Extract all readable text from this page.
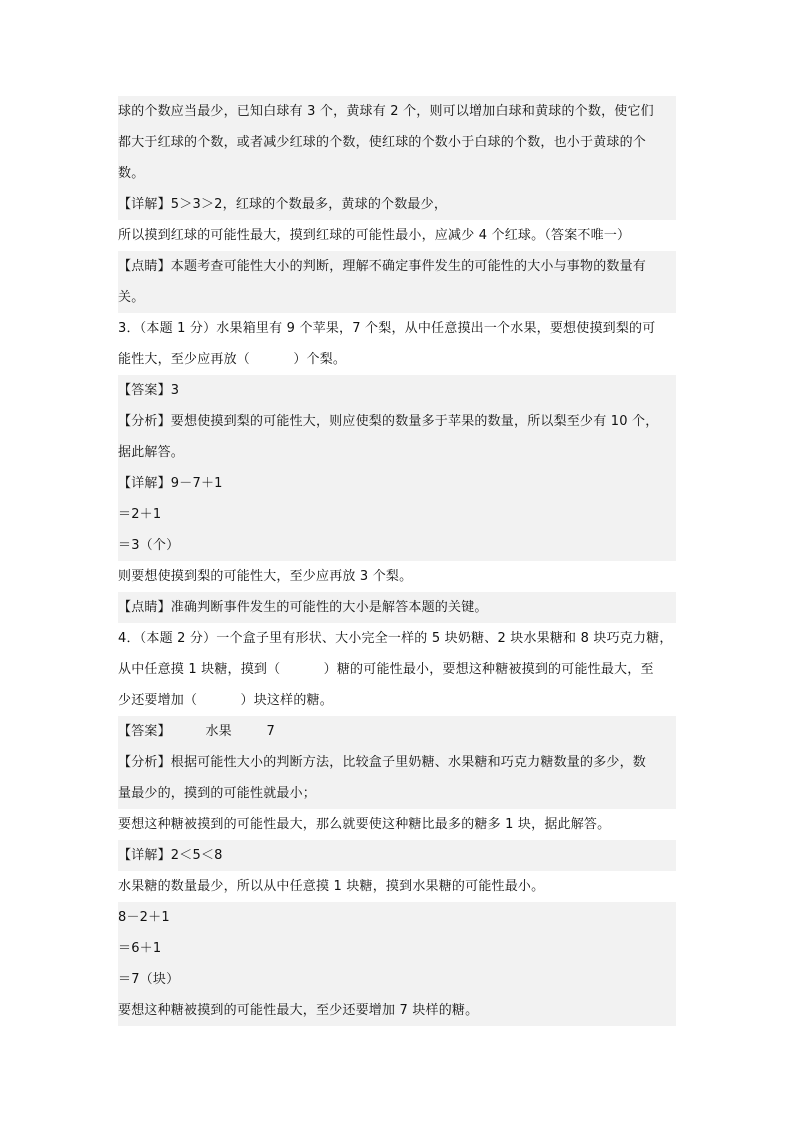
球的个数应当最少，已知白球有 3 个，黄球有 2 个，则可以增加白球和黄球的个数，使它们
都大于红球的个数，或者减少红球的个数，使红球的个数小于白球的个数，也小于黄球的个
数。
【详解】5＞3＞2，红球的个数最多，黄球的个数最少，
所以摸到红球的可能性最大，摸到红球的可能性最小，应减少 4 个红球。（答案不唯一）
【点睛】本题考查可能性大小的判断，理解不确定事件发生的可能性的大小与事物的数量有
关。
3．（本题 1 分）水果箱里有 9 个苹果，7 个梨，从中任意摸出一个水果，要想使摸到梨的可
能性大，至少应再放（          ）个梨。
【答案】3
【分析】要想使摸到梨的可能性大，则应使梨的数量多于苹果的数量，所以梨至少有 10 个，
据此解答。
【详解】9－7＋1
＝2＋1
＝3（个）
则要想使摸到梨的可能性大，至少应再放 3 个梨。
【点睛】准确判断事件发生的可能性的大小是解答本题的关键。
4．（本题 2 分）一个盒子里有形状、大小完全一样的 5 块奶糖、2 块水果糖和 8 块巧克力糖，
从中任意摸 1 块糖，摸到（          ）糖的可能性最小，要想这种糖被摸到的可能性最大，至
少还要增加（          ）块这样的糖。
【答案】        水果        7
【分析】根据可能性大小的判断方法，比较盒子里奶糖、水果糖和巧克力糖数量的多少，数
量最少的，摸到的可能性就最小；
要想这种糖被摸到的可能性最大，那么就要使这种糖比最多的糖多 1 块，据此解答。
【详解】2＜5＜8
水果糖的数量最少，所以从中任意摸 1 块糖，摸到水果糖的可能性最小。
8－2＋1
＝6＋1
＝7（块）
要想这种糖被摸到的可能性最大，至少还要增加 7 块样的糖。
